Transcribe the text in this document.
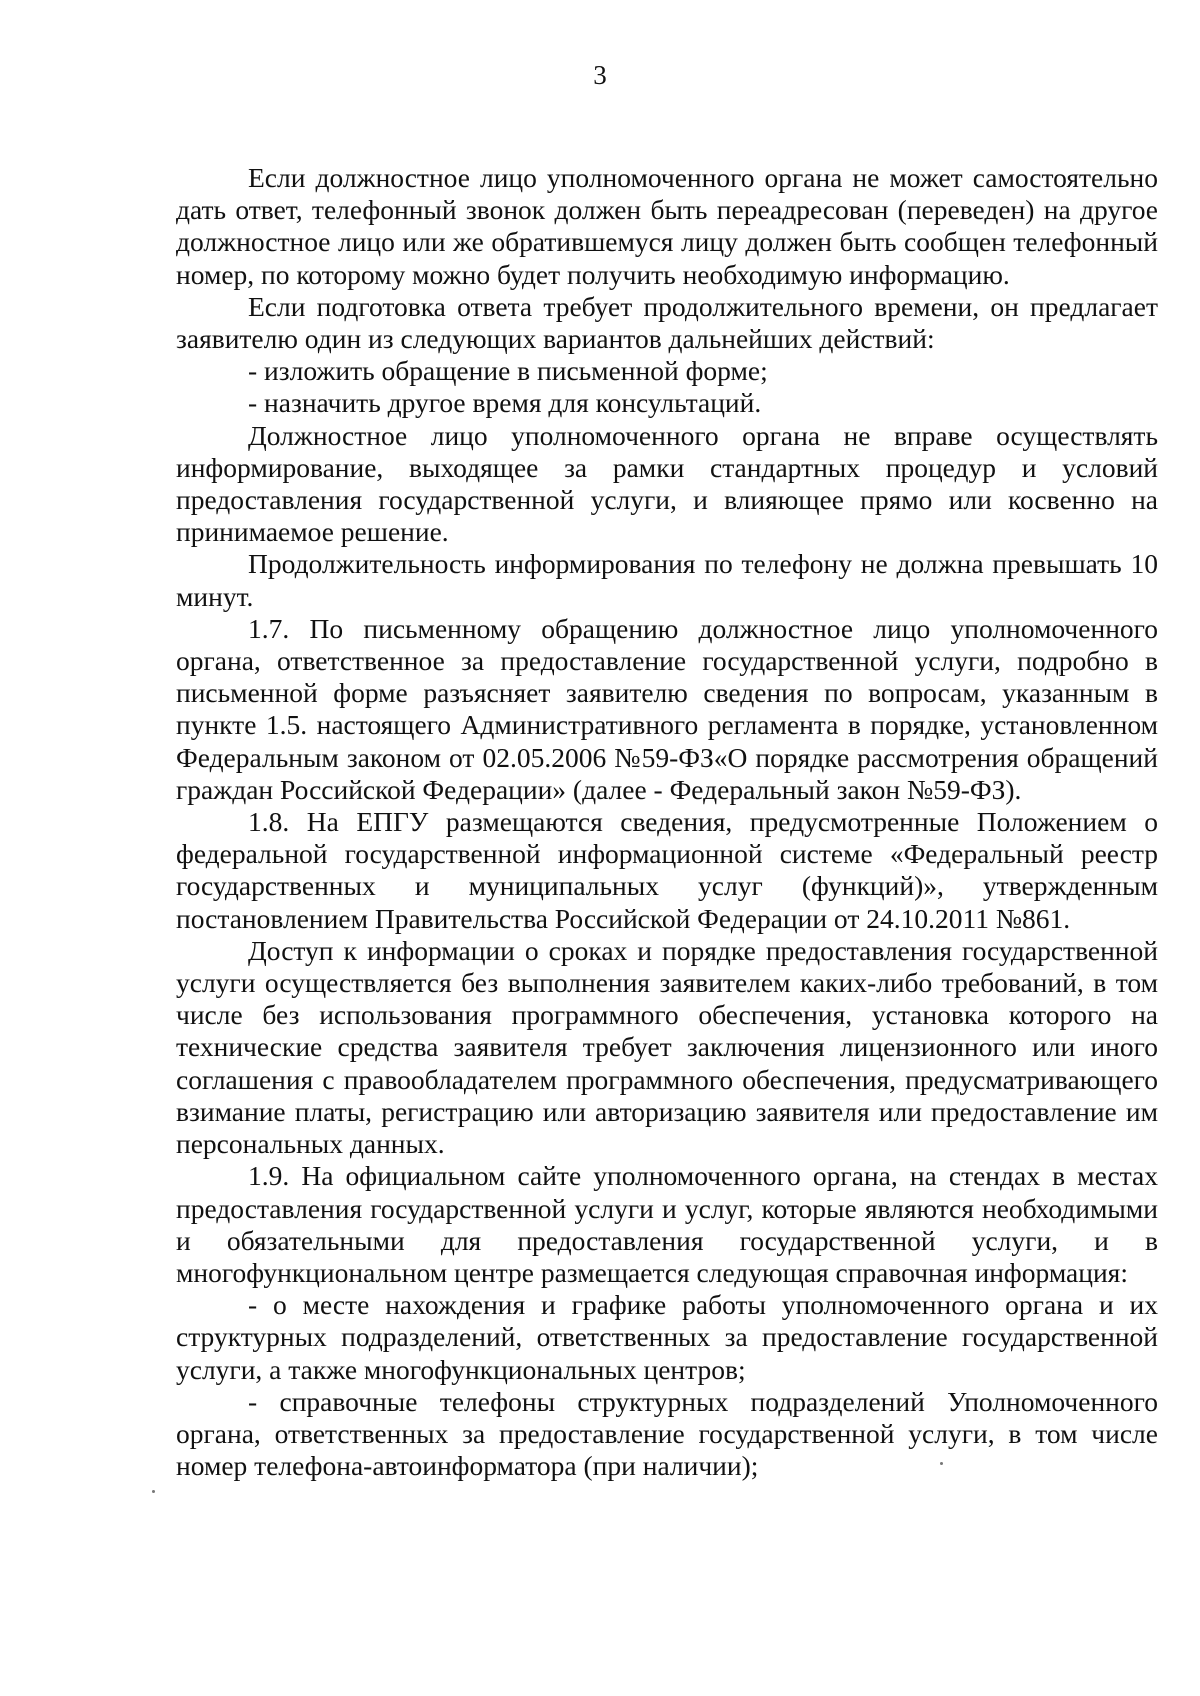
3

Если должностное лицо уполномоченного органа не может самостоятельно дать ответ, телефонный звонок должен быть переадресован (переведен) на другое должностное лицо или же обратившемуся лицу должен быть сообщен телефонный номер, по которому можно будет получить необходимую информацию.

Если подготовка ответа требует продолжительного времени, он предлагает заявителю один из следующих вариантов дальнейших действий:

- изложить обращение в письменной форме;

- назначить другое время для консультаций.

Должностное лицо уполномоченного органа не вправе осуществлять информирование, выходящее за рамки стандартных процедур и условий предоставления государственной услуги, и влияющее прямо или косвенно на принимаемое решение.

Продолжительность информирования по телефону не должна превышать 10 минут.

1.7. По письменному обращению должностное лицо уполномоченного органа, ответственное за предоставление государственной услуги, подробно в письменной форме разъясняет заявителю сведения по вопросам, указанным в пункте 1.5. настоящего Административного регламента в порядке, установленном Федеральным законом от 02.05.2006 №59-ФЗ«О порядке рассмотрения обращений граждан Российской Федерации» (далее - Федеральный закон №59-ФЗ).

1.8. На ЕПГУ размещаются сведения, предусмотренные Положением о федеральной государственной информационной системе «Федеральный реестр государственных и муниципальных услуг (функций)», утвержденным постановлением Правительства Российской Федерации от 24.10.2011 №861.

Доступ к информации о сроках и порядке предоставления государственной услуги осуществляется без выполнения заявителем каких-либо требований, в том числе без использования программного обеспечения, установка которого на технические средства заявителя требует заключения лицензионного или иного соглашения с правообладателем программного обеспечения, предусматривающего взимание платы, регистрацию или авторизацию заявителя или предоставление им персональных данных.

1.9. На официальном сайте уполномоченного органа, на стендах в местах предоставления государственной услуги и услуг, которые являются необходимыми и обязательными для предоставления государственной услуги, и в многофункциональном центре размещается следующая справочная информация:

- о месте нахождения и графике работы уполномоченного органа и их структурных подразделений, ответственных за предоставление государственной услуги, а также многофункциональных центров;

- справочные телефоны структурных подразделений Уполномоченного органа, ответственных за предоставление государственной услуги, в том числе номер телефона-автоинформатора (при наличии);
